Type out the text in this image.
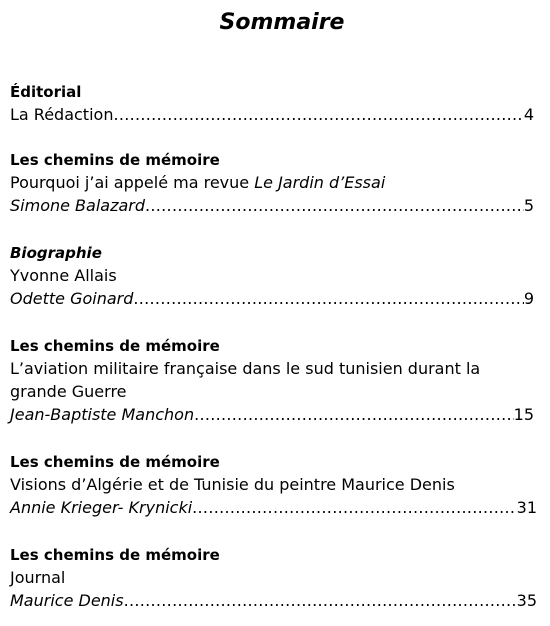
Sommaire
Éditorial
La Rédaction .....	4
Les chemins de mémoire
Pourquoi j’ai appelé ma revue Le Jardin d’Essai
Simone Balazard .....	5
Biographie
Yvonne Allais
Odette Goinard .....	9
Les chemins de mémoire
L’aviation militaire française dans le sud tunisien durant la grande Guerre
Jean-Baptiste Manchon .....	15
Les chemins de mémoire
Visions d’Algérie et de Tunisie du peintre Maurice Denis
Annie Krieger- Krynicki .....	31
Les chemins de mémoire
Journal
Maurice Denis .....	35
